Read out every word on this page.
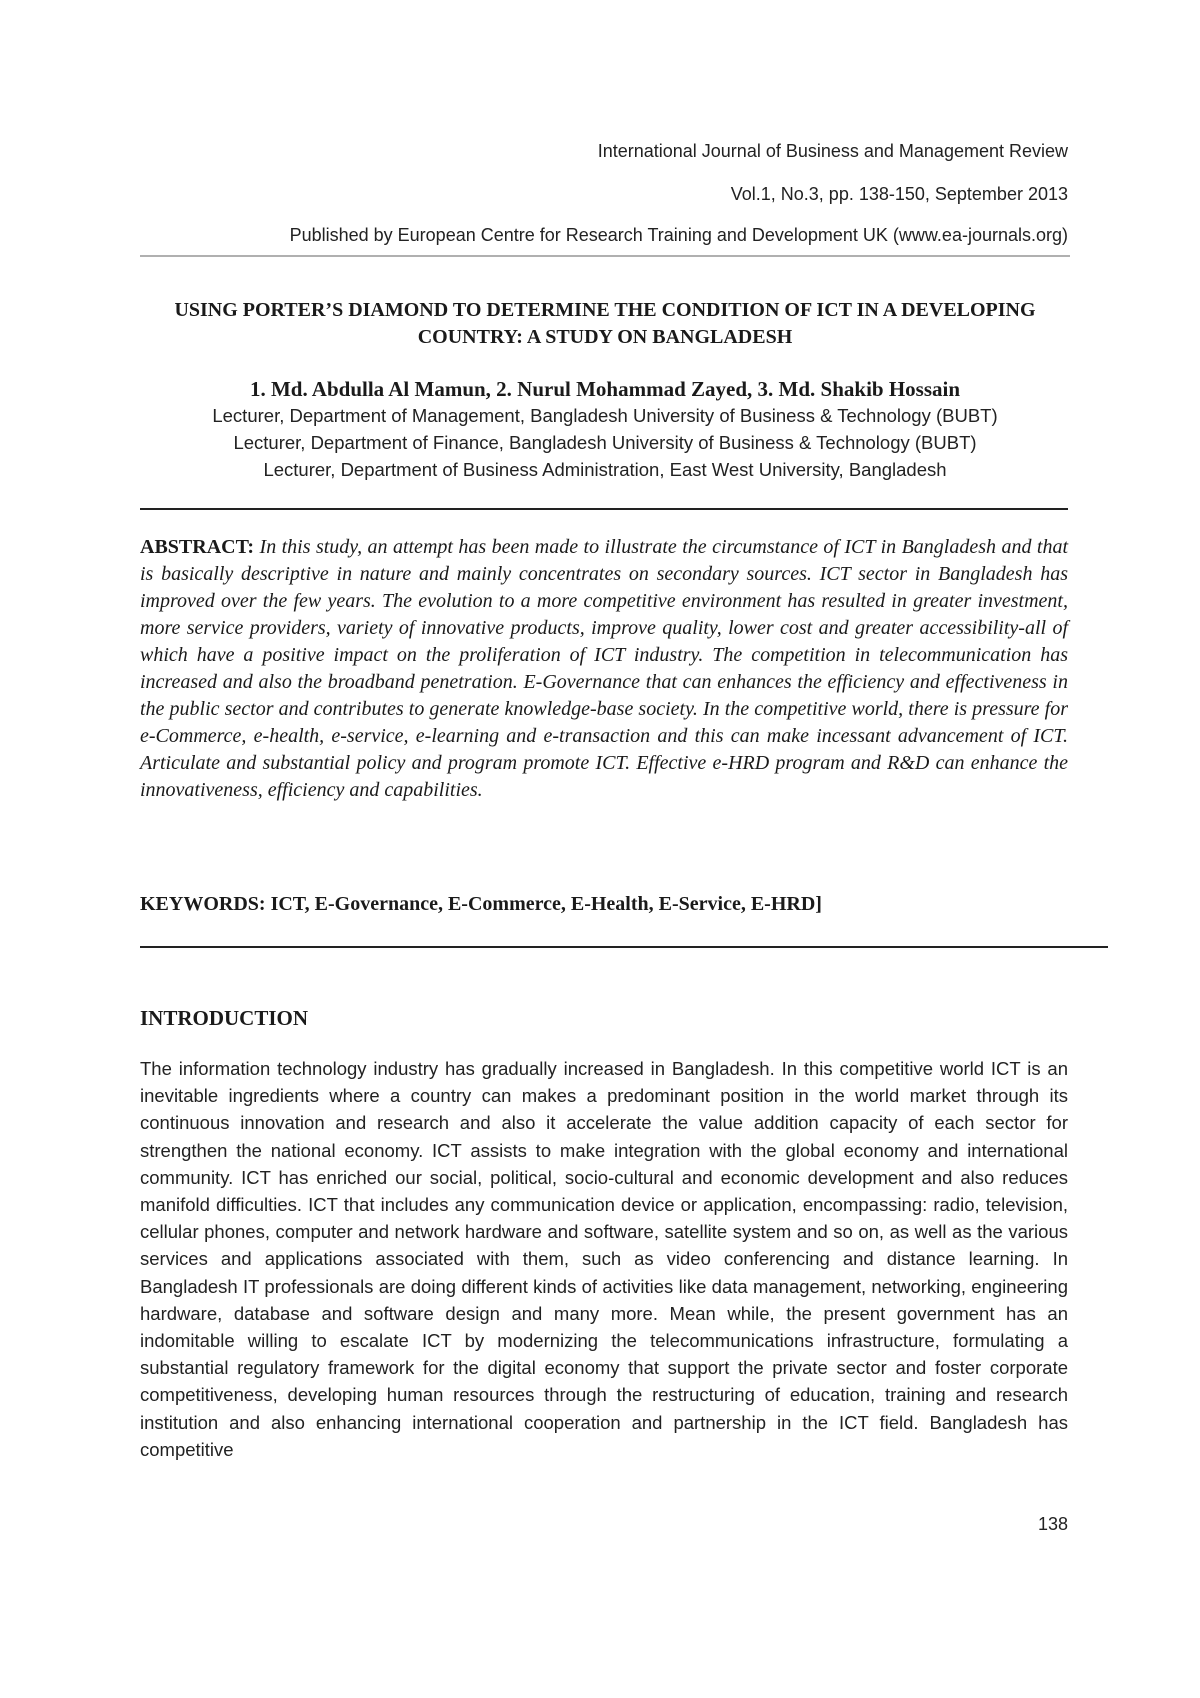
International Journal of Business and Management Review
Vol.1, No.3, pp. 138-150, September 2013
Published by European Centre for Research Training and Development UK (www.ea-journals.org)
USING PORTER’S DIAMOND TO DETERMINE THE CONDITION OF ICT IN A DEVELOPING COUNTRY: A STUDY ON BANGLADESH
1. Md. Abdulla Al Mamun, 2. Nurul Mohammad Zayed, 3. Md. Shakib Hossain
Lecturer, Department of Management, Bangladesh University of Business & Technology (BUBT)
Lecturer, Department of Finance, Bangladesh University of Business & Technology (BUBT)
Lecturer, Department of Business Administration, East West University, Bangladesh
ABSTRACT: In this study, an attempt has been made to illustrate the circumstance of ICT in Bangladesh and that is basically descriptive in nature and mainly concentrates on secondary sources. ICT sector in Bangladesh has improved over the few years. The evolution to a more competitive environment has resulted in greater investment, more service providers, variety of innovative products, improve quality, lower cost and greater accessibility-all of which have a positive impact on the proliferation of ICT industry. The competition in telecommunication has increased and also the broadband penetration. E-Governance that can enhances the efficiency and effectiveness in the public sector and contributes to generate knowledge-base society. In the competitive world, there is pressure for e-Commerce, e-health, e-service, e-learning and e-transaction and this can make incessant advancement of ICT. Articulate and substantial policy and program promote ICT. Effective e-HRD program and R&D can enhance the innovativeness, efficiency and capabilities.
KEYWORDS: ICT, E-Governance, E-Commerce, E-Health, E-Service, E-HRD]
INTRODUCTION
The information technology industry has gradually increased in Bangladesh. In this competitive world ICT is an inevitable ingredients where a country can makes a predominant position in the world market through its continuous innovation and research and also it accelerate the value addition capacity of each sector for strengthen the national economy. ICT assists to make integration with the global economy and international community. ICT has enriched our social, political, socio-cultural and economic development and also reduces manifold difficulties. ICT that includes any communication device or application, encompassing: radio, television, cellular phones, computer and network hardware and software, satellite system and so on, as well as the various services and applications associated with them, such as video conferencing and distance learning. In Bangladesh IT professionals are doing different kinds of activities like data management, networking, engineering hardware, database and software design and many more. Mean while, the present government has an indomitable willing to escalate ICT by modernizing the telecommunications infrastructure, formulating a substantial regulatory framework for the digital economy that support the private sector and foster corporate competitiveness, developing human resources through the restructuring of education, training and research institution and also enhancing international cooperation and partnership in the ICT field. Bangladesh has competitive
138
